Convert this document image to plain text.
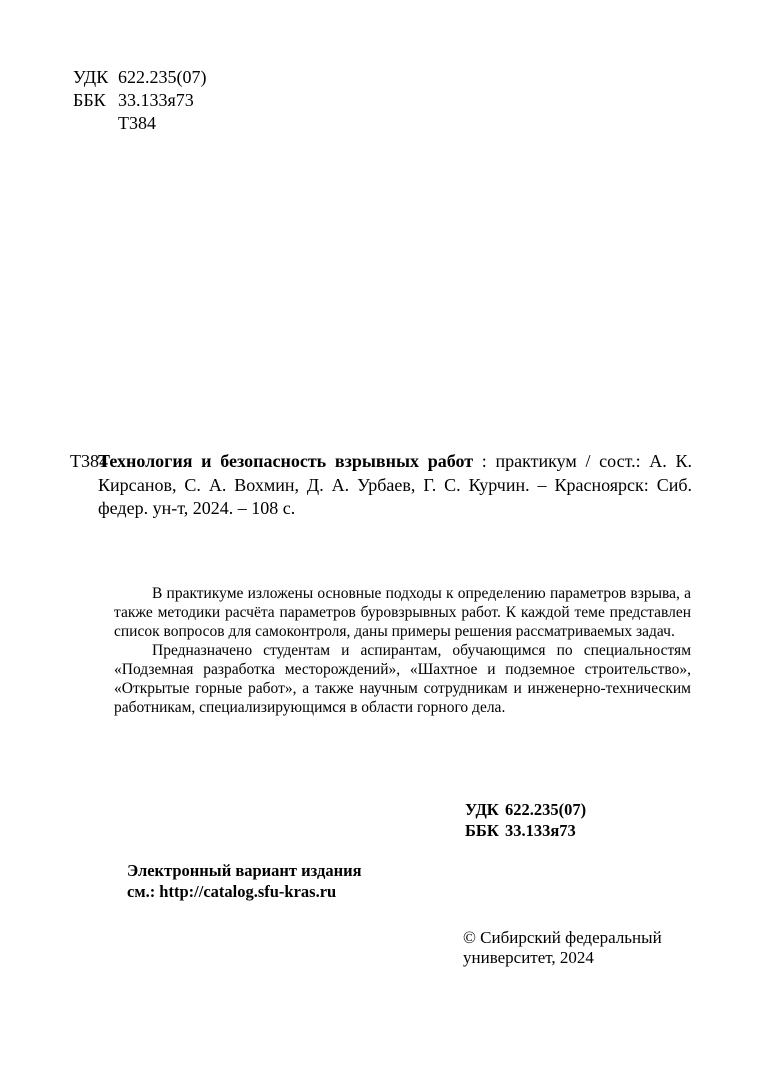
УДК 622.235(07)
ББК 33.133я73
Т384
Т384

Технология и безопасность взрывных работ : практикум / сост.: А. К. Кирсанов, С. А. Вохмин, Д. А. Урбаев, Г. С. Курчин. – Красноярск: Сиб. федер. ун-т, 2024. – 108 с.

В практикуме изложены основные подходы к определению параметров взрыва, а также методики расчёта параметров буровзрывных работ. К каждой теме представлен список вопросов для самоконтроля, даны примеры решения рассматриваемых задач.

Предназначено студентам и аспирантам, обучающимся по специальностям «Подземная разработка месторождений», «Шахтное и подземное строительство», «Открытые горные работ», а также научным сотрудникам и инженерно-техническим работникам, специализирующимся в области горного дела.

УДК 622.235(07)
ББК 33.133я73
Электронный вариант издания
см.: http://catalog.sfu-kras.ru
© Сибирский федеральный
университет, 2024
